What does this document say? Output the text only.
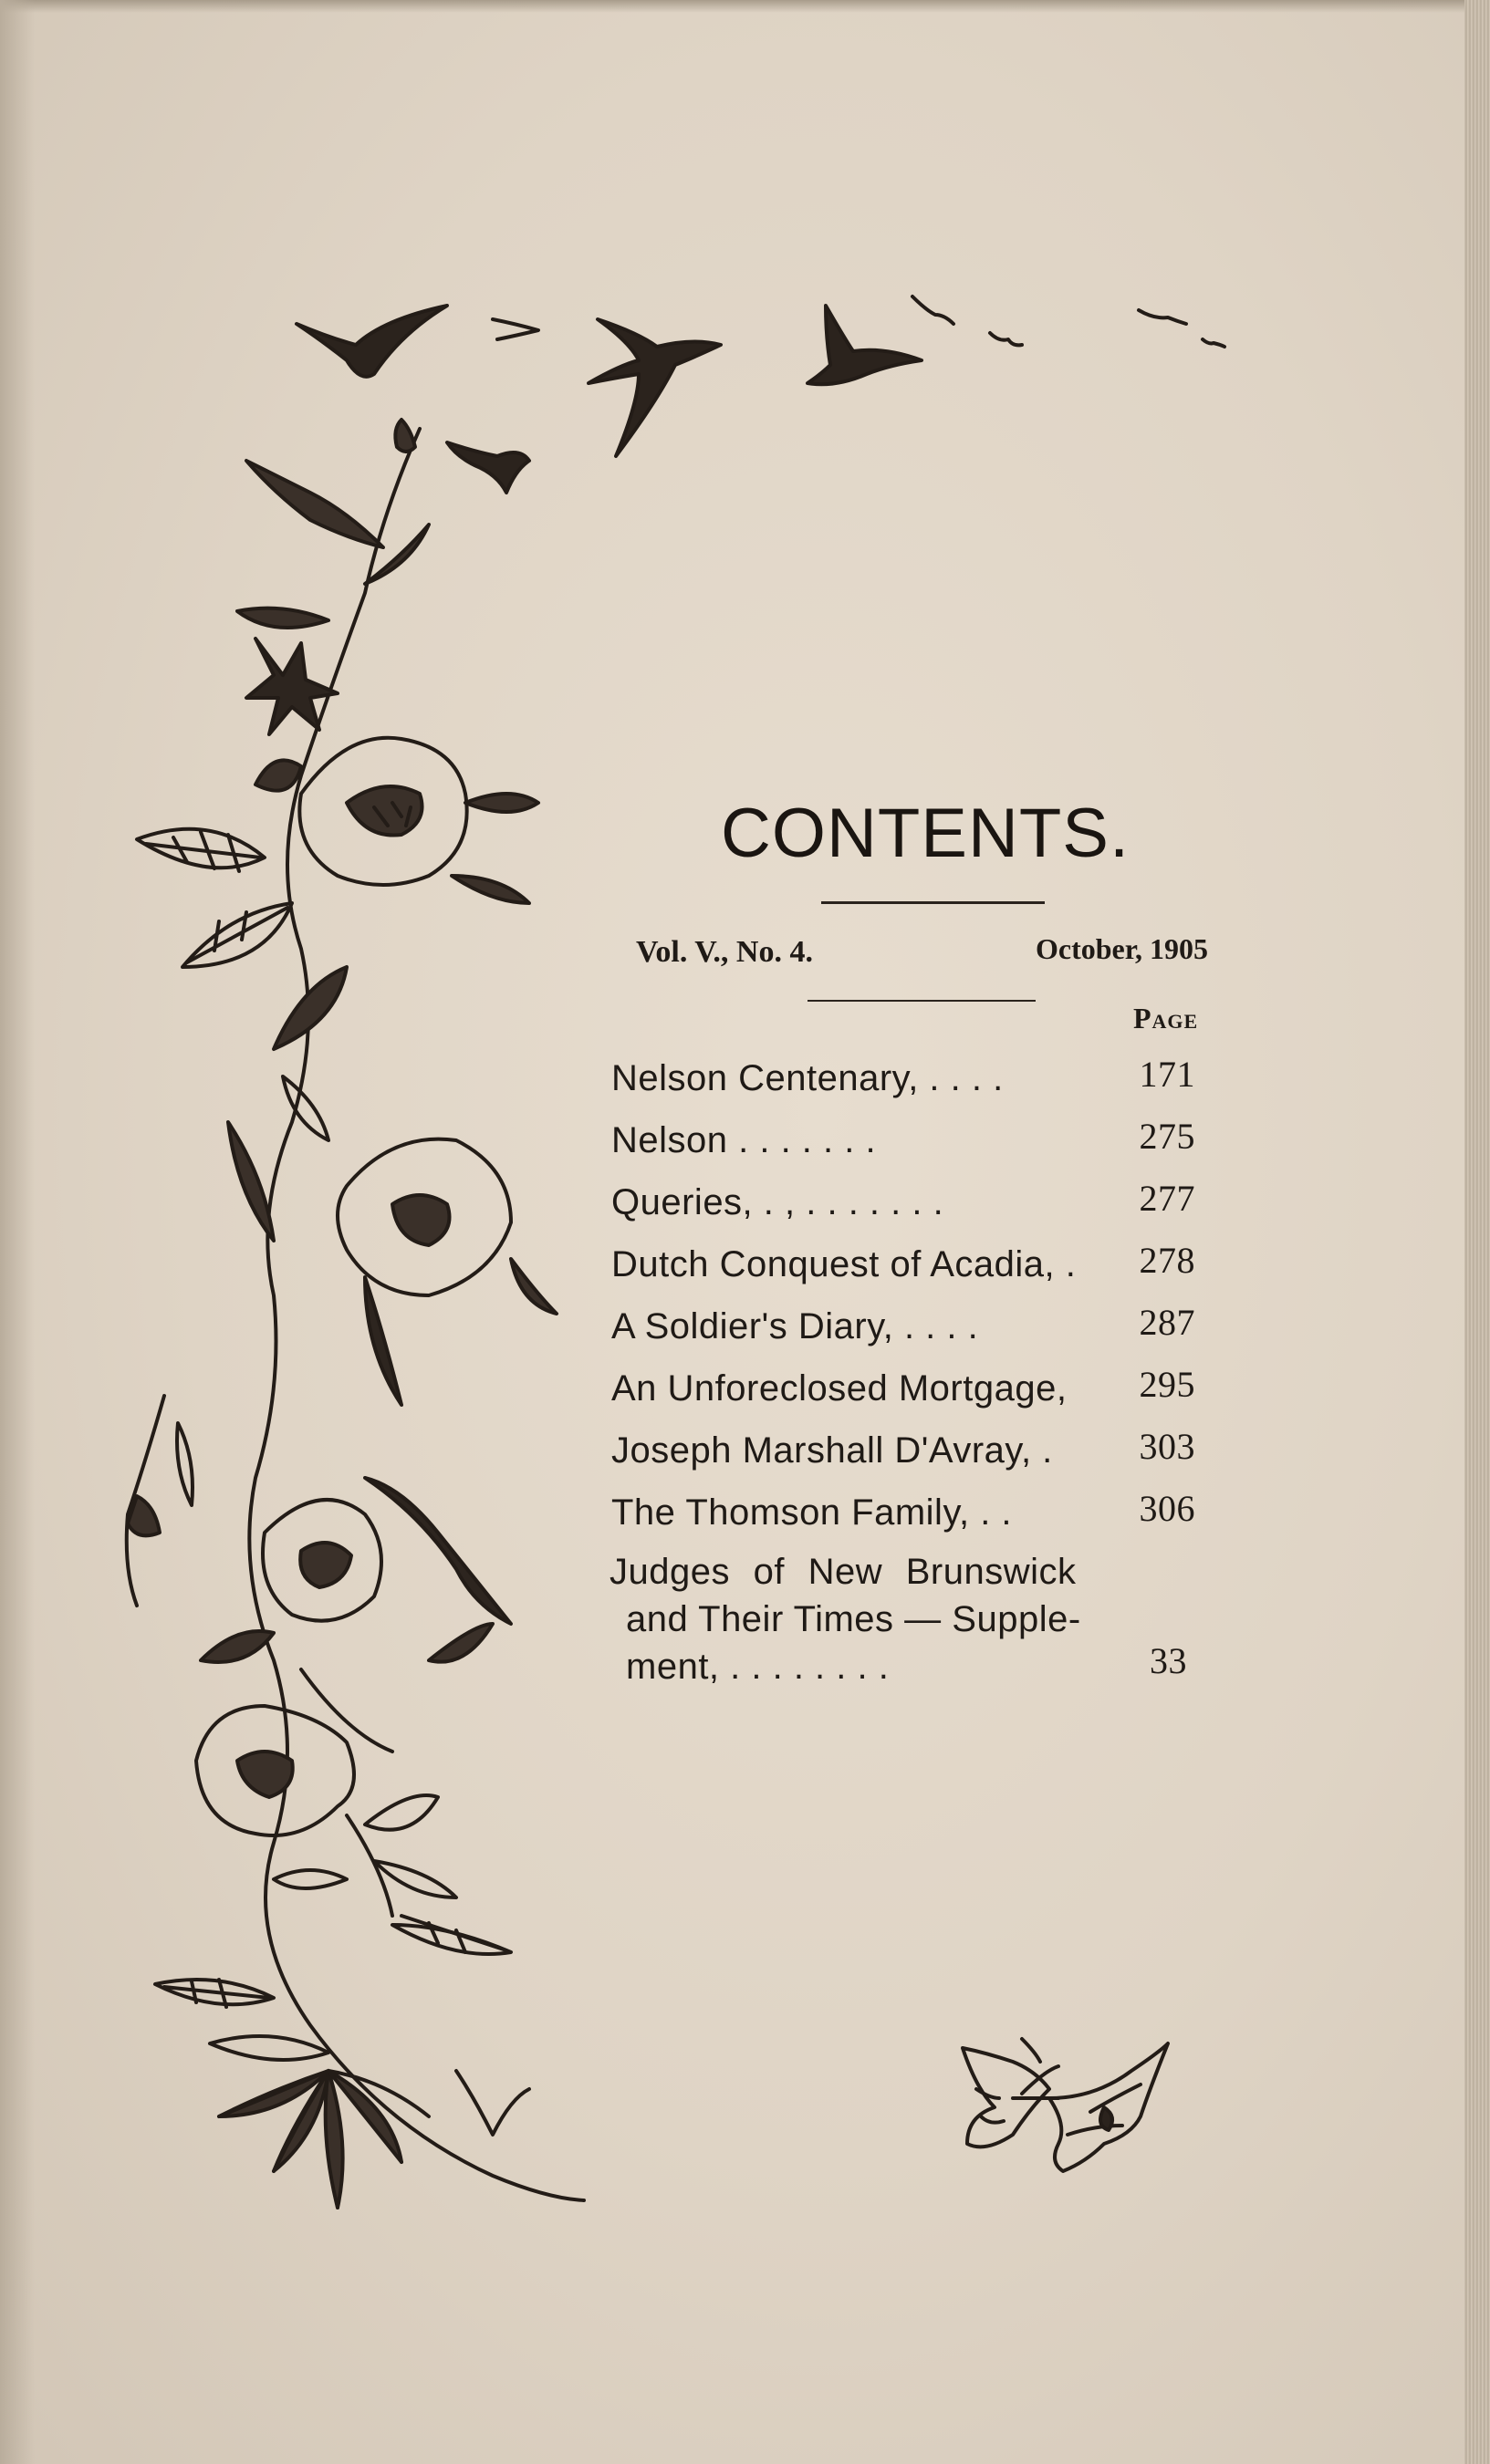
CONTENTS.
Vol. V., No. 4.	October, 1905
Page
Nelson Centenary, . . . .	171
Nelson . . . . . . .	275
Queries, . , . . . . . . .	277
Dutch Conquest of Acadia, . 278
A Soldier's Diary, . . . .	287
An Unforeclosed Mortgage, 295
Joseph Marshall D'Avray, . 303
The Thomson Family, . .	306
Judges of New Brunswick
and Their Times — Supple-
ment, . . . . . . . .	33
